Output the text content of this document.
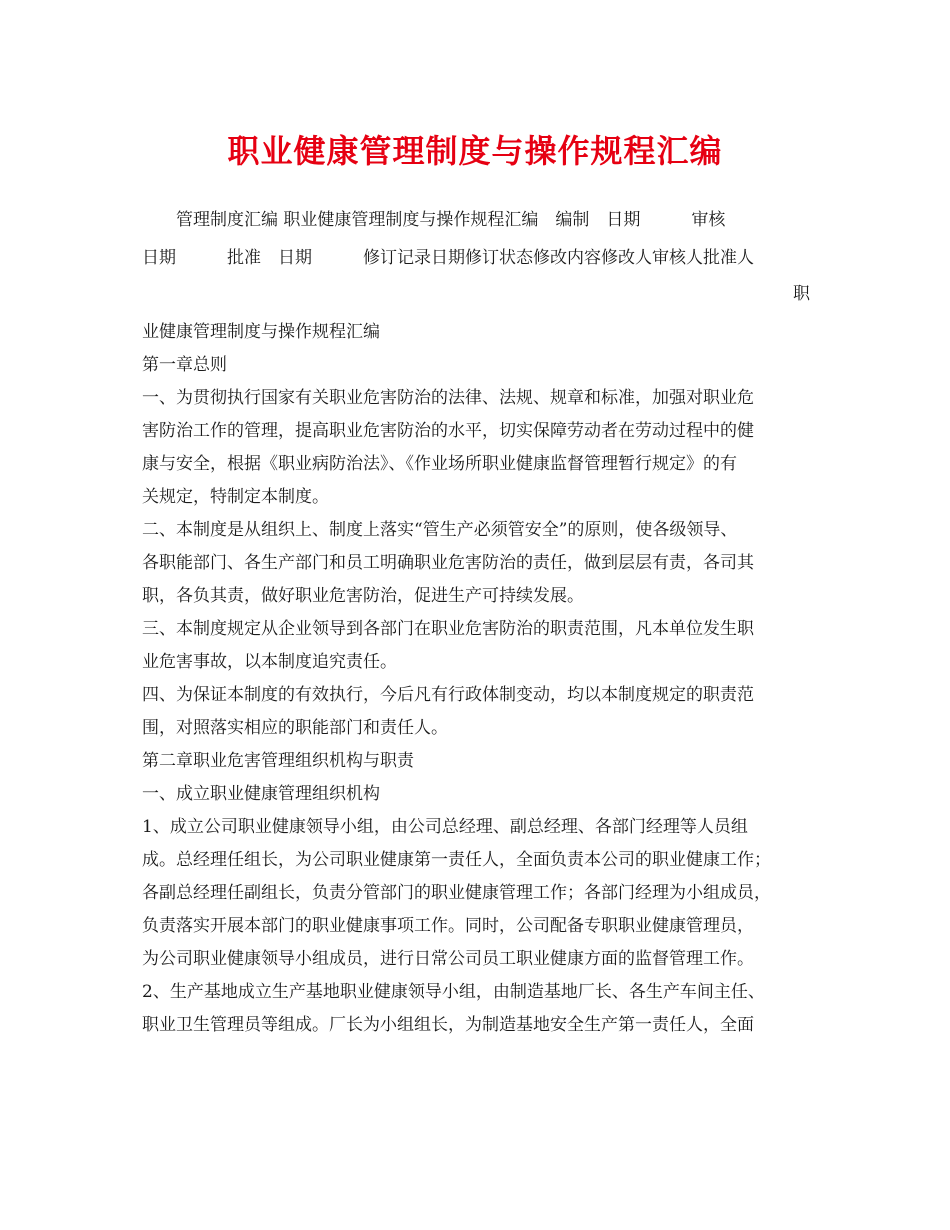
职业健康管理制度与操作规程汇编
　　管理制度汇编 职业健康管理制度与操作规程汇编　编制　日期　　　审核
日期　　　批准　日期　　　修订记录日期修订状态修改内容修改人审核人批准人
职
业健康管理制度与操作规程汇编
第一章总则
一、为贯彻执行国家有关职业危害防治的法律、法规、规章和标准，加强对职业危
害防治工作的管理，提高职业危害防治的水平，切实保障劳动者在劳动过程中的健
康与安全，根据《职业病防治法》、《作业场所职业健康监督管理暂行规定》的有
关规定，特制定本制度。
二、本制度是从组织上、制度上落实“管生产必须管安全”的原则，使各级领导、
各职能部门、各生产部门和员工明确职业危害防治的责任，做到层层有责，各司其
职，各负其责，做好职业危害防治，促进生产可持续发展。
三、本制度规定从企业领导到各部门在职业危害防治的职责范围，凡本单位发生职
业危害事故，以本制度追究责任。
四、为保证本制度的有效执行，今后凡有行政体制变动，均以本制度规定的职责范
围，对照落实相应的职能部门和责任人。
第二章职业危害管理组织机构与职责
一、成立职业健康管理组织机构
1、成立公司职业健康领导小组，由公司总经理、副总经理、各部门经理等人员组
成。总经理任组长，为公司职业健康第一责任人，全面负责本公司的职业健康工作；
各副总经理任副组长，负责分管部门的职业健康管理工作；各部门经理为小组成员，
负责落实开展本部门的职业健康事项工作。同时，公司配备专职职业健康管理员，
为公司职业健康领导小组成员，进行日常公司员工职业健康方面的监督管理工作。
2、生产基地成立生产基地职业健康领导小组，由制造基地厂长、各生产车间主任、
职业卫生管理员等组成。厂长为小组组长，为制造基地安全生产第一责任人，全面
